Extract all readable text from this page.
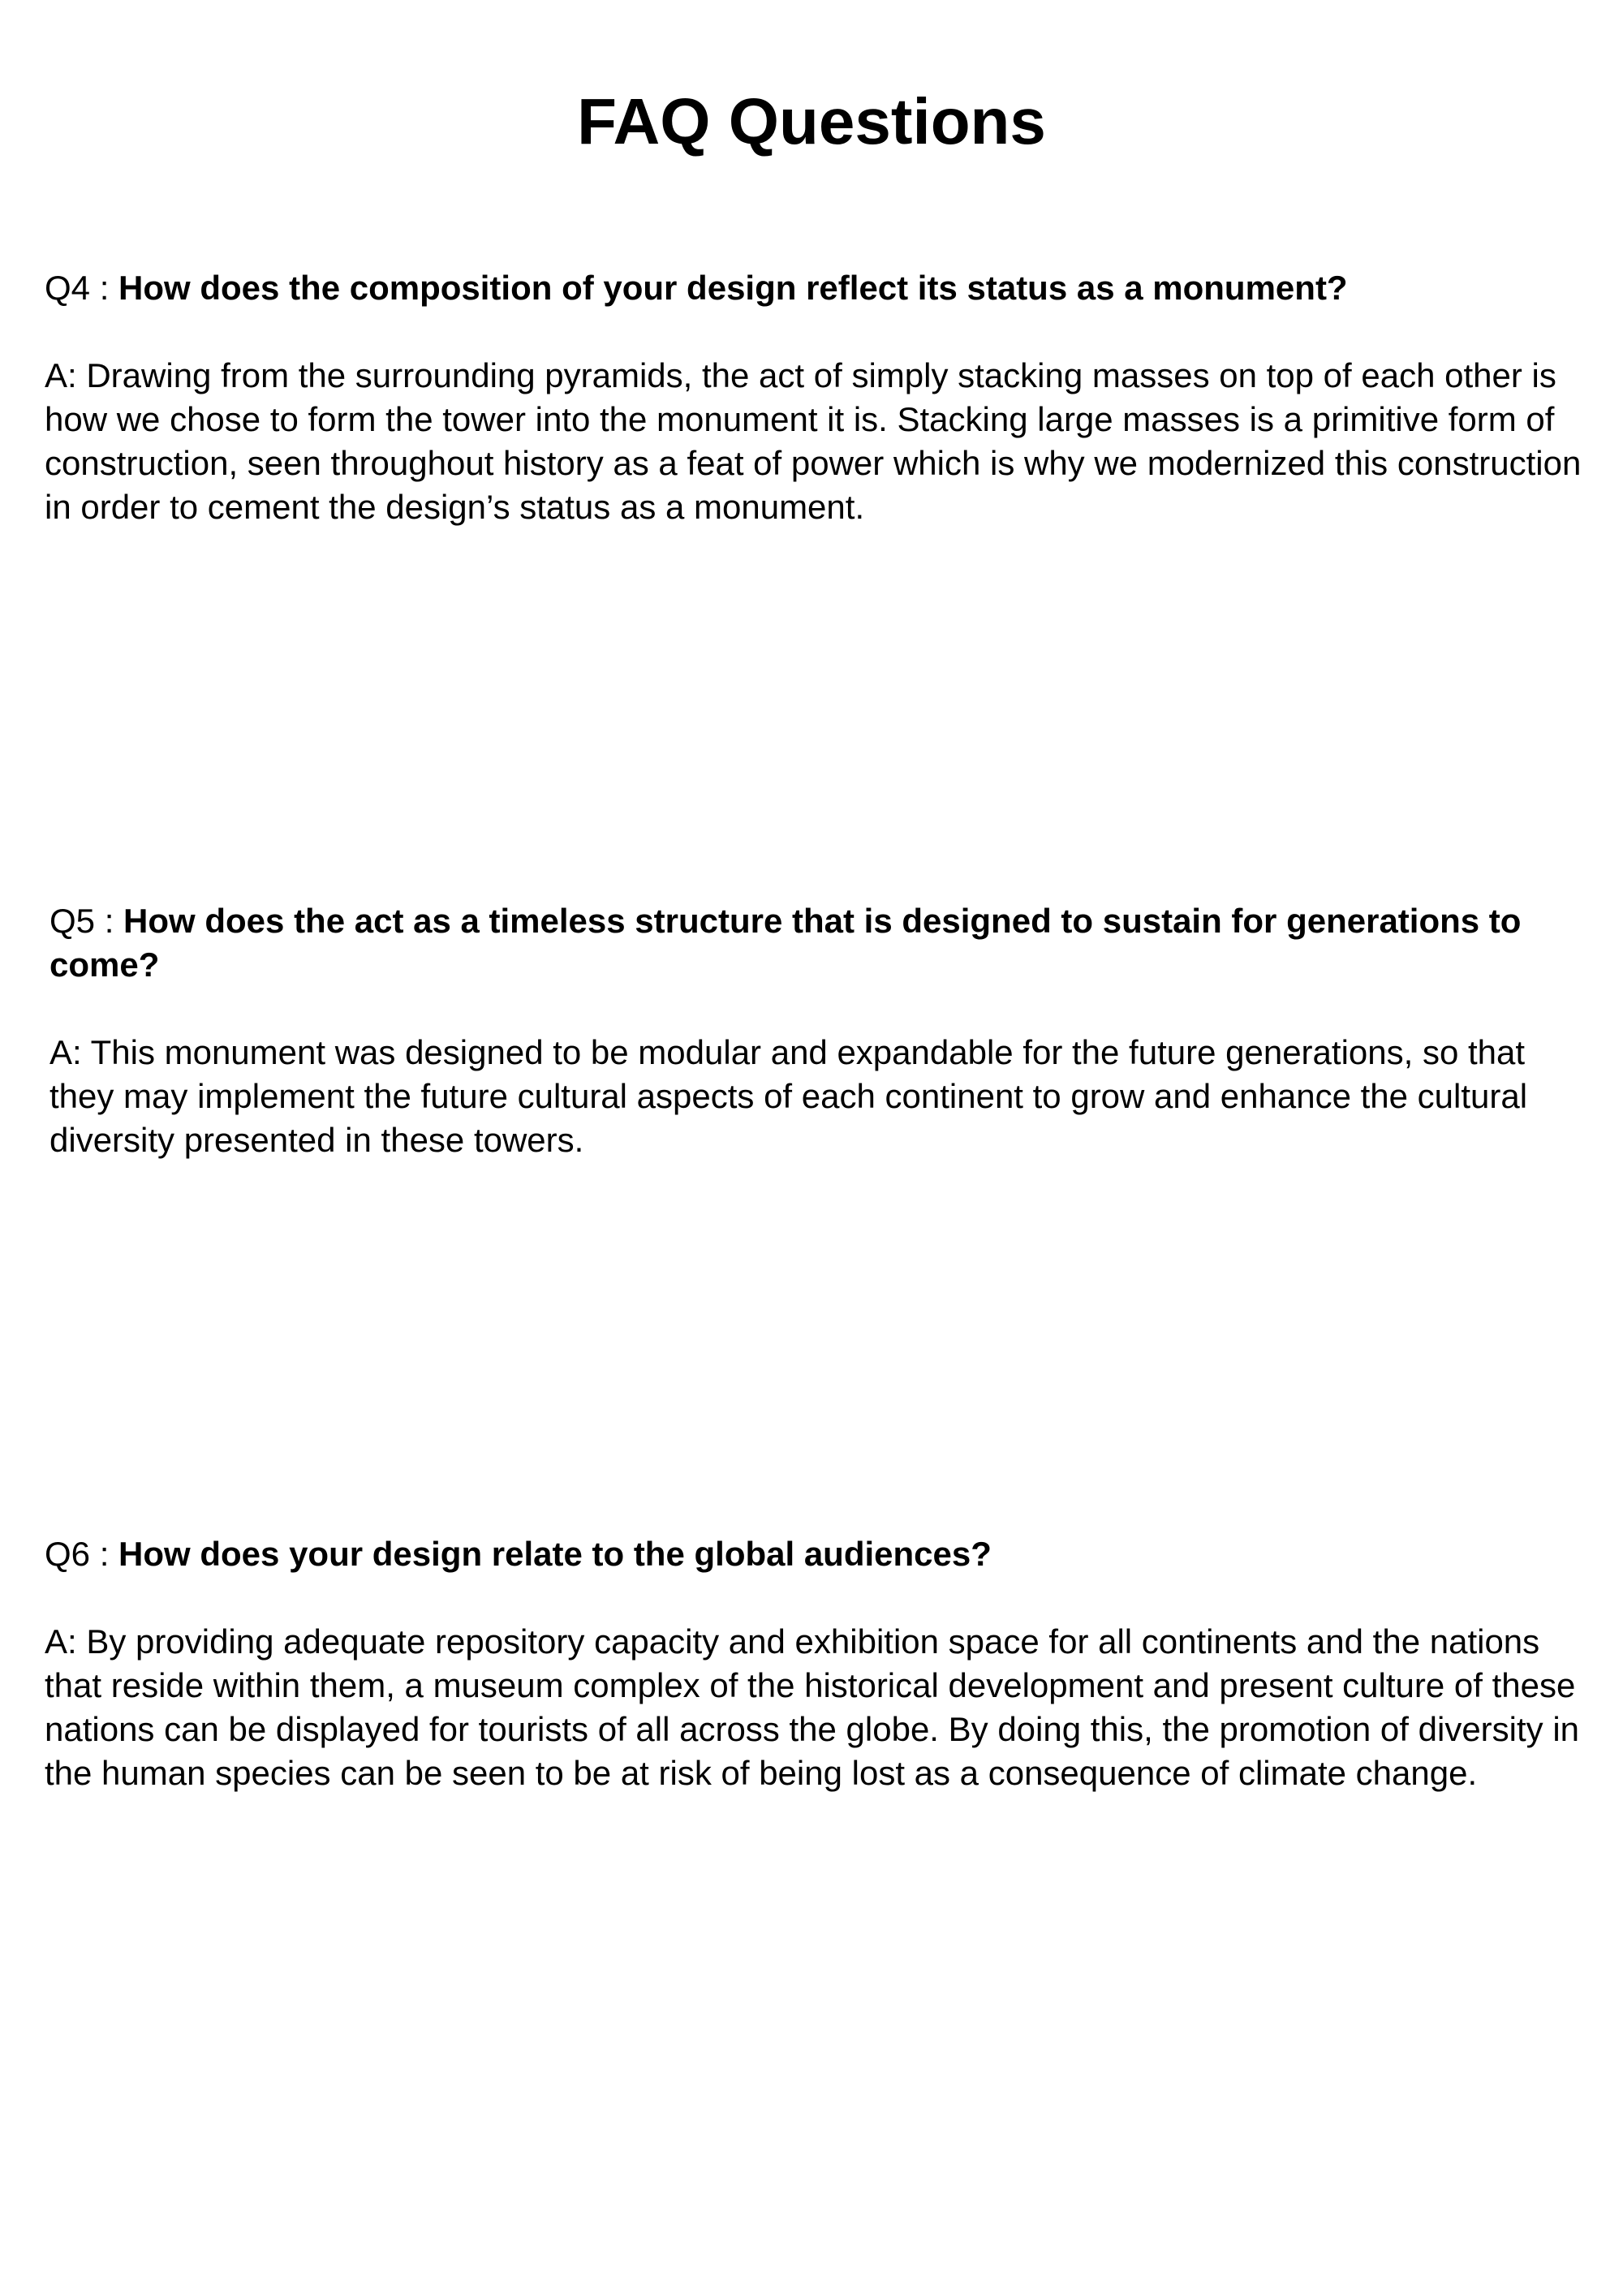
FAQ Questions

Q4 : How does the composition of your design reflect its status as a monument?

A: Drawing from the surrounding pyramids, the act of simply stacking masses on top of each other is how we chose to form the tower into the monument it is. Stacking large masses is a primitive form of construction, seen throughout history as a feat of power which is why we modernized this construction in order to cement the design’s status as a monument.

Q5 : How does the act as a timeless structure that is designed to sustain for generations to come?

A: This monument was designed to be modular and expandable for the future generations, so that they may implement the future cultural aspects of each continent to grow and enhance the cultural diversity presented in these towers.

Q6 : How does your design relate to the global audiences?

A: By providing adequate repository capacity and exhibition space for all continents and the nations that reside within them, a museum complex of the historical development and present culture of these nations can be displayed for tourists of all across the globe. By doing this, the promotion of diversity in the human species can be seen to be at risk of being lost as a consequence of climate change.
